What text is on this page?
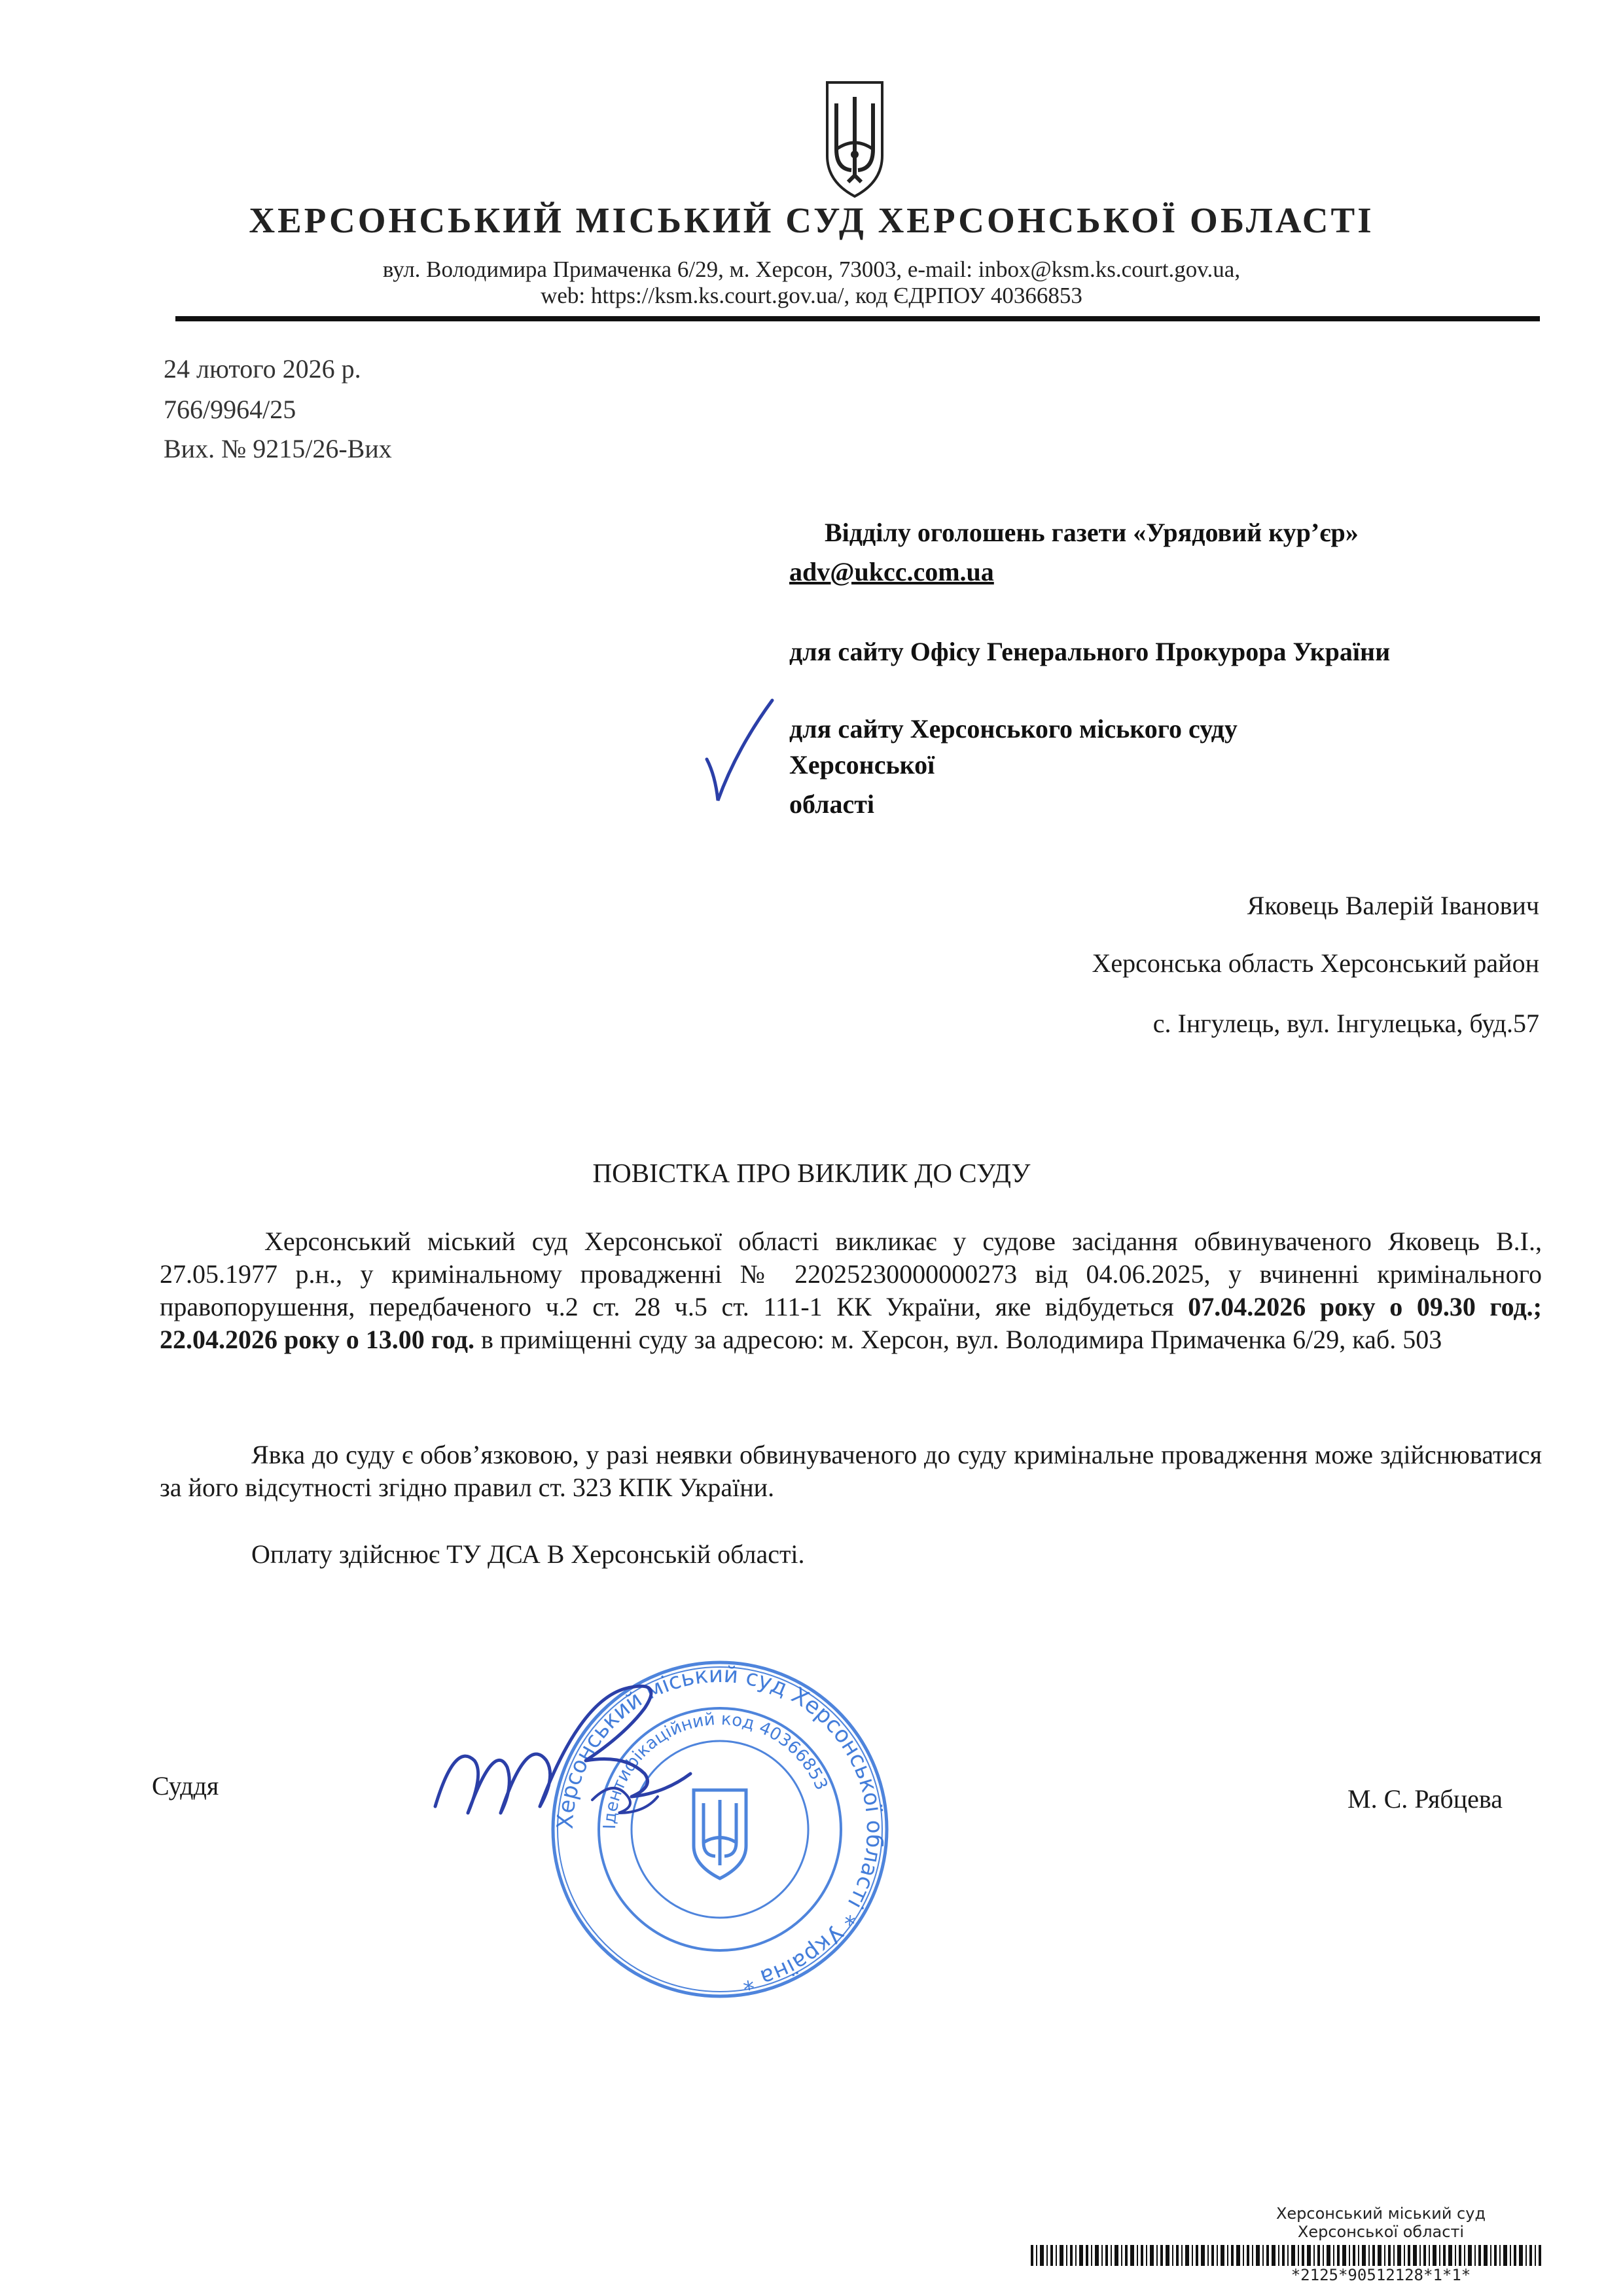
ХЕРСОНСЬКИЙ МІСЬКИЙ СУД ХЕРСОНСЬКОЇ ОБЛАСТІ
вул. Володимира Примаченка 6/29, м. Херсон, 73003, e-mail: inbox@ksm.ks.court.gov.ua,
web: https://ksm.ks.court.gov.ua/, код ЄДРПОУ 40366853
24 лютого 2026 р.
766/9964/25
Вих. № 9215/26-Вих
Відділу оголошень газети «Урядовий кур’єр»
adv@ukcc.com.ua
для сайту Офісу Генерального Прокурора України
для сайту Херсонського міського суду
Херсонської
області
Яковець Валерій Іванович
Херсонська область Херсонський район
с. Інгулець, вул. Інгулецька, буд.57
ПОВІСТКА ПРО ВИКЛИК ДО СУДУ
Херсонський міський суд Херсонської області викликає у судове засідання обвинуваченого Яковець В.І., 27.05.1977 р.н., у кримінальному провадженні № 22025230000000273 від 04.06.2025, у вчиненні кримінального правопорушення, передбаченого ч.2 ст. 28 ч.5 ст. 111-1 КК України, яке відбудеться 07.04.2026 року о 09.30 год.; 22.04.2026 року о 13.00 год. в приміщенні суду за адресою: м. Херсон, вул. Володимира Примаченка 6/29, каб. 503
Явка до суду є обов’язковою, у разі неявки обвинуваченого до суду кримінальне провадження може здійснюватися за його відсутності згідно правил ст. 323 КПК України.
Оплату здійснює ТУ ДСА В Херсонській області.
Суддя	М. С. Рябцева
Херсонський міський суд Херсонської області * Україна *
Ідентифікаційний код 40366853
Херсонський міський суд
Херсонської області
*2125*90512128*1*1*
